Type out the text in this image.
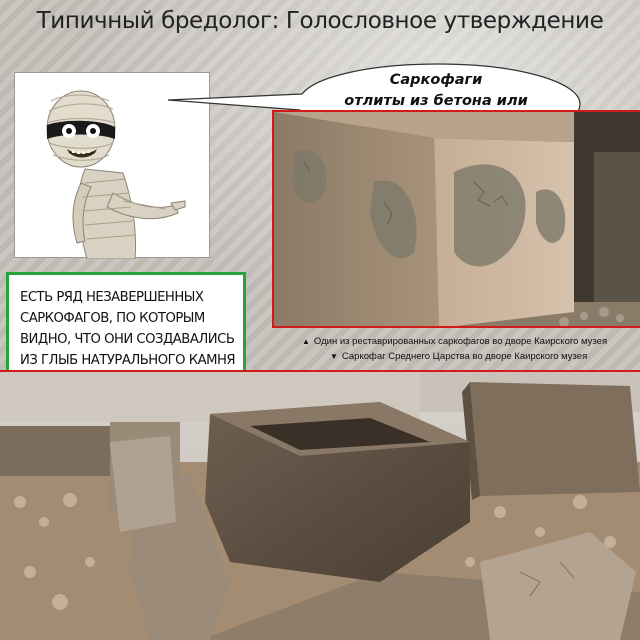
Типичный бредолог: Голословное утверждение
Саркофаги
отлиты из бетона или
▲ Один из реставрированных саркофагов во дворе Каирского музея
▼ Саркофаг Среднего Царства во дворе Каирского музея
ЕСТЬ РЯД НЕЗАВЕРШЕННЫХ
САРКОФАГОВ, ПО КОТОРЫМ
ВИДНО, ЧТО ОНИ СОЗДАВАЛИСЬ
ИЗ ГЛЫБ НАТУРАЛЬНОГО КАМНЯ
